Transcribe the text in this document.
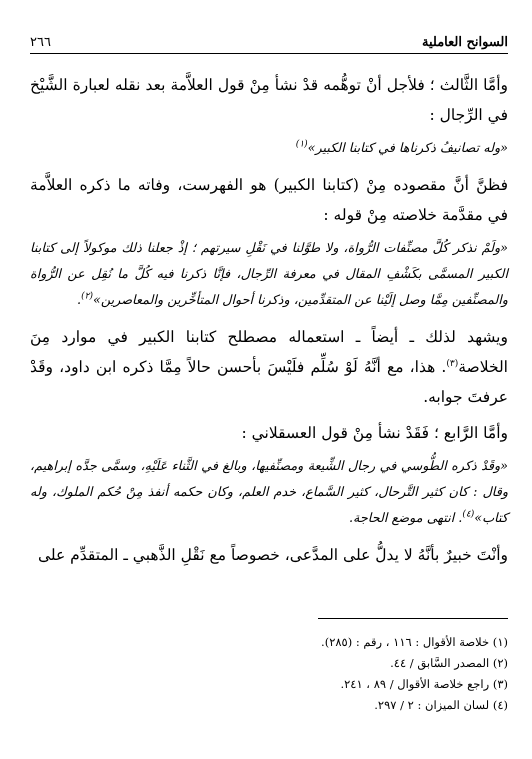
السوانح العاملية
٢٦٦

وأمَّا الثَّالث ؛ فلأجل أنْ توهُّمه قدْ نشأ مِنْ قول العلاَّمة بعد نقله لعبارة الشَّيْخ في الرِّجال :

«وله تصانيفُ ذكرناها في كتابنا الكبير»$^{(١)}$

فظنَّ أنَّ مقصوده مِنْ (كتابنا الكبير) هو الفهرست، وفاته ما ذكره العلاَّمة في مقدَّمة خلاصته مِنْ قوله :

«ولَمْ نذكر كُلَّ مصنِّفات الرُّواة، ولا طوَّلنا في نَقْلِ سيرتهم ؛ إذْ جعلنا ذلك موكولاً إلى كتابنا الكبير المسمَّى بكَشْفِ المقال في معرفة الرِّجال، فإنَّا ذكرنا فيه كُلَّ ما نُقِل عن الرُّواة والمصنِّفين مِمَّا وصل إلَيْنا عن المتقدِّمين، وذكرنا أحوال المتأخِّرين والمعاصرين»$^{(٢)}$.

ويشهد لذلك ـ أيضاً ـ استعماله مصطلح كتابنا الكبير في موارد مِنَ الخلاصة$^{(٣)}$. هذا، مع أنَّهُ لَوْ سُلِّم فلَيْسَ بأحسن حالاً مِمَّا ذكره ابن داود، وقَدْ عرفتَ جوابه.

وأمَّا الرَّابع ؛ فَقَدْ نشأ مِنْ قول العسقلاني :

«وقَدْ ذكره الطُّوسي في رجال الشِّيعة ومصنِّفيها، وبالغ في الثَّناء عَلَيْهِ، وسمَّى جدَّه إبراهيم، وقال : كان كثير التَّرحال، كثير السَّماع، خدم العلم، وكان حكمه أنفذ مِنْ حُكم الملوك، وله كتاب»$^{(٤)}$. انتهى موضع الحاجة.

وأنْتَ خبيرٌ بأنَّهُ لا يدلُّ على المدَّعى، خصوصاً مع نَقْلِ الذَّهبي ـ المتقدِّم على

(١) خلاصة الأقوال : ١١٦ ، رقم : (٢٨٥).
(٢) المصدر السَّابق / ٤٤.
(٣) راجع خلاصة الأقوال / ٨٩ ، ٢٤١.
(٤) لسان الميزان : ٢ / ٢٩٧.
